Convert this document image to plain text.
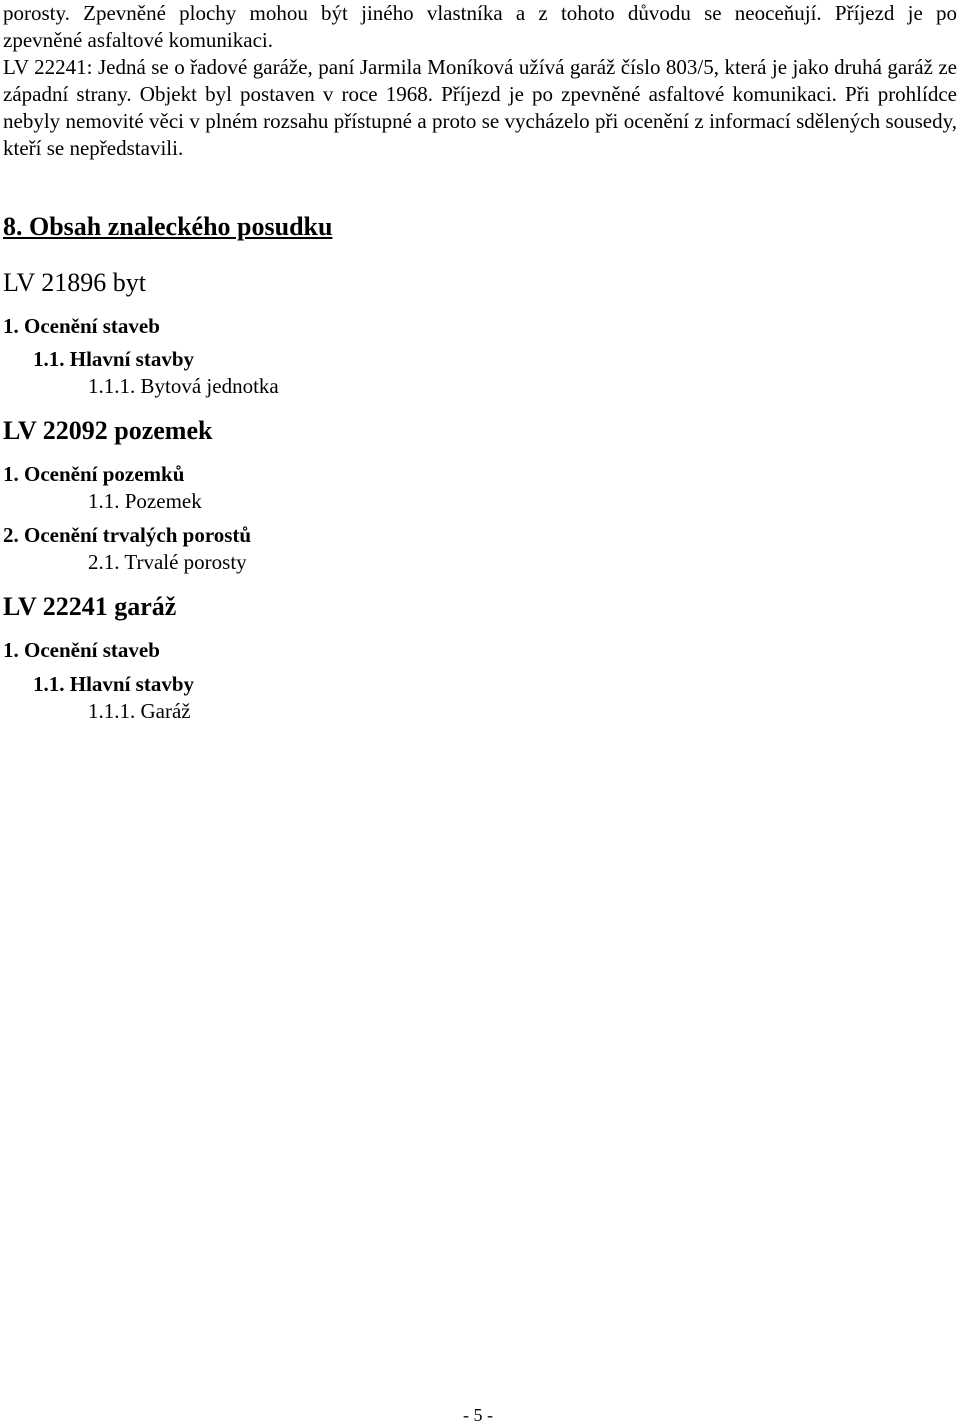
porosty. Zpevněné plochy mohou být jiného vlastníka a z tohoto důvodu se neoceňují. Příjezd je po

zpevněné asfaltové komunikaci.

LV 22241: Jedná se o řadové garáže, paní Jarmila Moníková užívá garáž číslo 803/5, která je jako druhá garáž ze západní strany. Objekt byl postaven v roce 1968. Příjezd je po zpevněné asfaltové komunikaci. Při prohlídce nebyly nemovité věci v plném rozsahu přístupné a proto se vycházelo při ocenění z informací sdělených sousedy, kteří se nepředstavili.

8. Obsah znaleckého posudku
LV 21896 byt
1. Ocenění staveb
1.1. Hlavní stavby
1.1.1. Bytová jednotka
LV 22092 pozemek
1. Ocenění pozemků
1.1. Pozemek
2. Ocenění trvalých porostů
2.1. Trvalé porosty
LV 22241 garáž
1. Ocenění staveb
1.1. Hlavní stavby
1.1.1. Garáž
- 5 -
